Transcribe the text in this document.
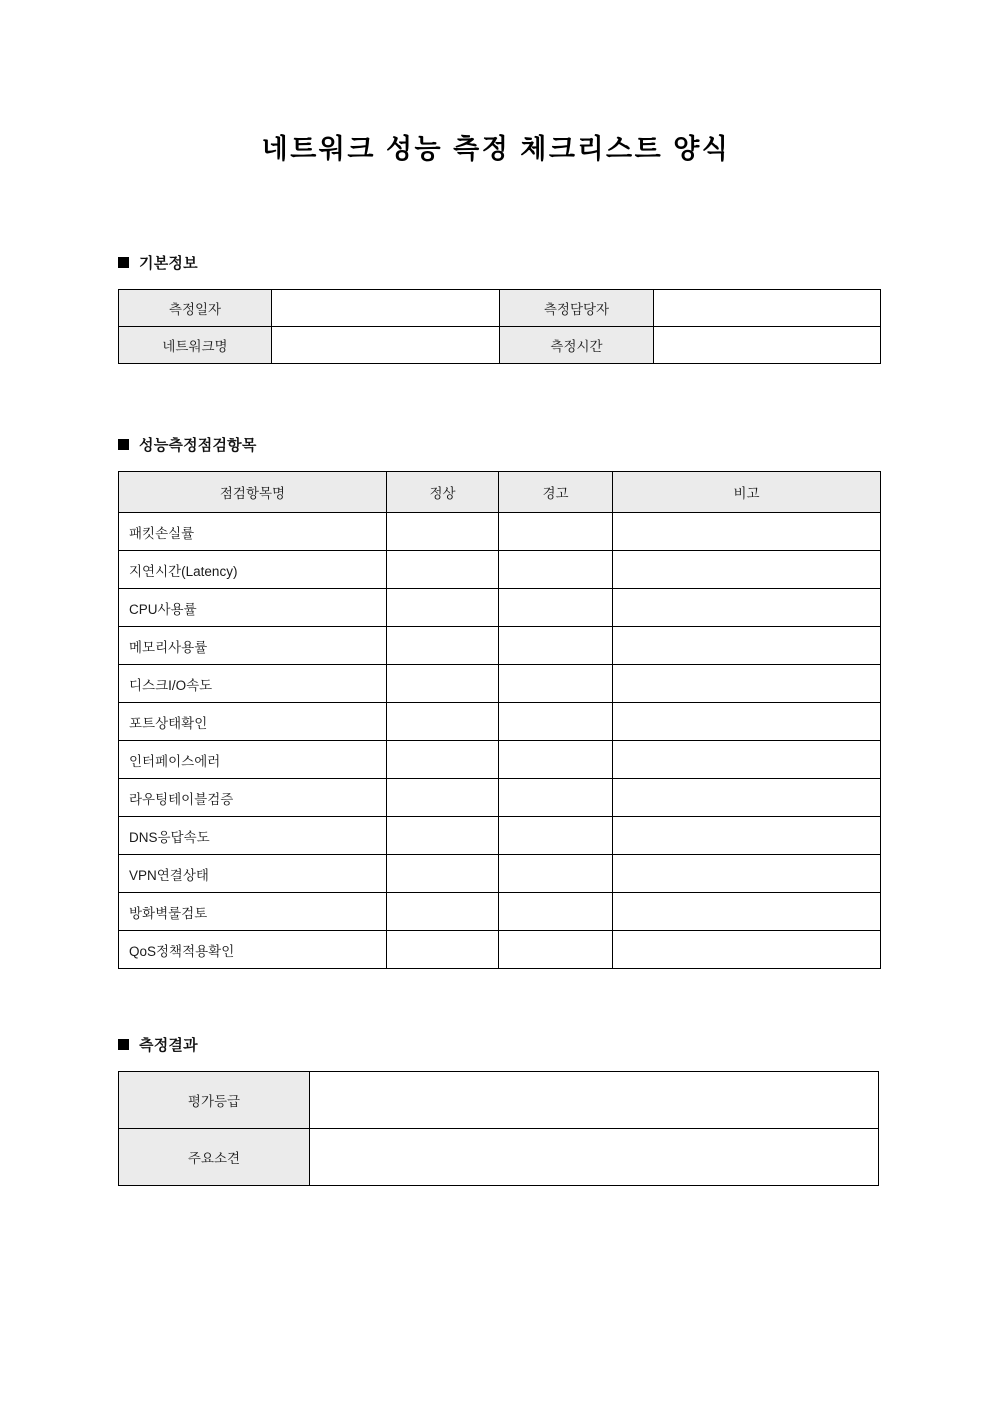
네트워크 성능 측정 체크리스트 양식
기본정보
측정일자		측정담당자	
네트워크명		측정시간	
성능측정점검항목
점검항목명	정상	경고	비고
패킷손실률			
지연시간(Latency)			
CPU사용률			
메모리사용률			
디스크I/O속도			
포트상태확인			
인터페이스에러			
라우팅테이블검증			
DNS응답속도			
VPN연결상태			
방화벽룰검토			
QoS정책적용확인			
측정결과
평가등급	
주요소견	
